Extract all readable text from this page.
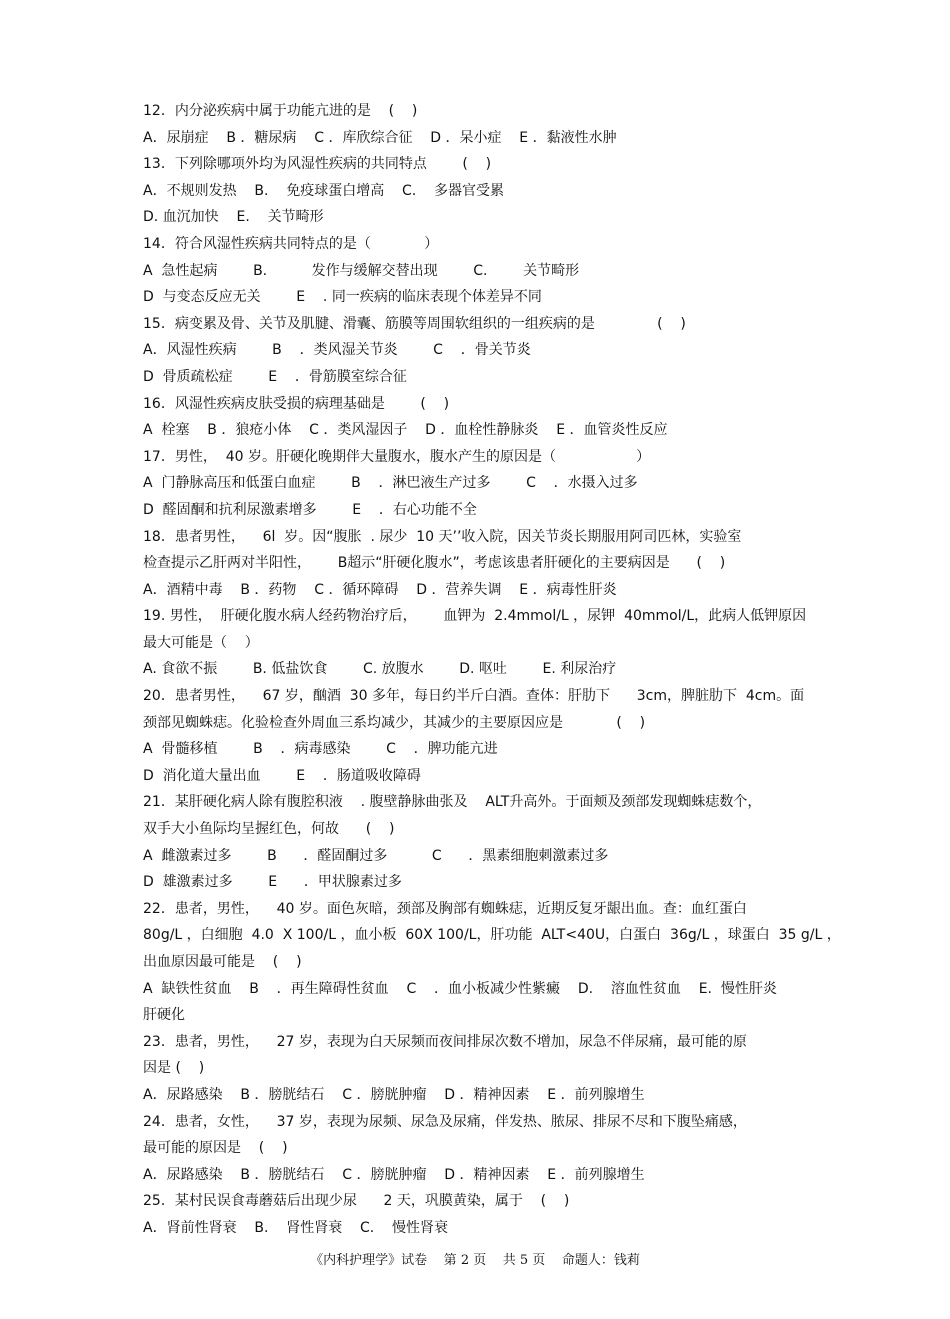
12．内分泌疾病中属于功能亢进的是    (    )
A．尿崩症    B ．糖尿病    C ．库欣综合征    D ．呆小症    E ．黏液性水肿
13．下列除哪项外均为风湿性疾病的共同特点        (    )
A．不规则发热    B.    免疫球蛋白增高    C.    多器官受累
D. 血沉加快    E.    关节畸形
14．符合风湿性疾病共同特点的是（            ）
A  急性起病        B.          发作与缓解交替出现        C.        关节畸形
D  与变态反应无关        E    . 同一疾病的临床表现个体差异不同
15．病变累及骨、关节及肌腱、滑囊、筋膜等周围软组织的一组疾病的是              (    )
A．风湿性疾病        B    ．类风湿关节炎        C    ．骨关节炎
D  骨质疏松症        E    ．骨筋膜室综合征
16．风湿性疾病皮肤受损的病理基础是        (    )
A  栓塞    B ．狼疮小体    C ．类风湿因子    D ．血栓性静脉炎    E ．血管炎性反应
17．男性，  40 岁。肝硬化晚期伴大量腹水，腹水产生的原因是（                  ）
A  门静脉高压和低蛋白血症        B    ．淋巴液生产过多        C    ．水摄入过多
D  醛固酮和抗利尿激素增多        E    ．右心功能不全
18．患者男性，    6l  岁。因“腹胀  . 尿少  10 天’’收入院，因关节炎长期服用阿司匹林，实验室
检查提示乙肝两对半阳性，      B超示“肝硬化腹水”，考虑该患者肝硬化的主要病因是      (    )
A．酒精中毒    B ．药物    C ．循环障碍    D ．营养失调    E ．病毒性肝炎
19. 男性，  肝硬化腹水病人经药物治疗后，      血钾为  2.4mmol/L ，尿钾  40mmol/L，此病人低钾原因
最大可能是（    ）
A. 食欲不振        B. 低盐饮食        C. 放腹水        D. 呕吐        E. 利尿治疗
20．患者男性，    67 岁，酗酒  30 多年，每日约半斤白酒。查体：肝肋下      3cm，脾脏肋下  4cm。面
颈部见蜘蛛痣。化验检查外周血三系均减少，其减少的主要原因应是            (    )
A  骨髓移植        B    ．病毒感染        C    ．脾功能亢进
D  消化道大量出血        E    ．肠道吸收障碍
21．某肝硬化病人除有腹腔积液    . 腹壁静脉曲张及    ALT升高外。于面颊及颈部发现蜘蛛痣数个，
双手大小鱼际均呈握红色，何故      (    )
A  雌激素过多        B      ．醛固酮过多          C      ．黑素细胞刺激素过多
D  雄激素过多        E      ．甲状腺素过多
22．患者，男性，    40 岁。面色灰暗，颈部及胸部有蜘蛛痣，近期反复牙龈出血。查：血红蛋白
80g/L ，白细胞  4.0  X 100/L ，血小板  60X 100/L，肝功能  ALT<40U，白蛋白  36g/L ，球蛋白  35 g/L ，
出血原因最可能是    (    )
A  缺铁性贫血    B    ．再生障碍性贫血    C    ．血小板减少性紫癜    D.    溶血性贫血    E.  慢性肝炎
肝硬化
23．患者，男性，    27 岁，表现为白天尿频而夜间排尿次数不增加，尿急不伴尿痛，最可能的原
因是 (    )
A．尿路感染    B ．膀胱结石    C ．膀胱肿瘤    D ．精神因素    E ．前列腺增生
24．患者，女性，    37 岁，表现为尿频、尿急及尿痛，伴发热、脓尿、排尿不尽和下腹坠痛感，
最可能的原因是    (    )
A．尿路感染    B ．膀胱结石    C ．膀胱肿瘤    D ．精神因素    E ．前列腺增生
25．某村民误食毒蘑菇后出现少尿      2 天，巩膜黄染，属于    (    )
A．肾前性肾衰    B.    肾性肾衰    C.    慢性肾衰
《内科护理学》试卷    第 2 页    共 5 页    命题人：钱莉
